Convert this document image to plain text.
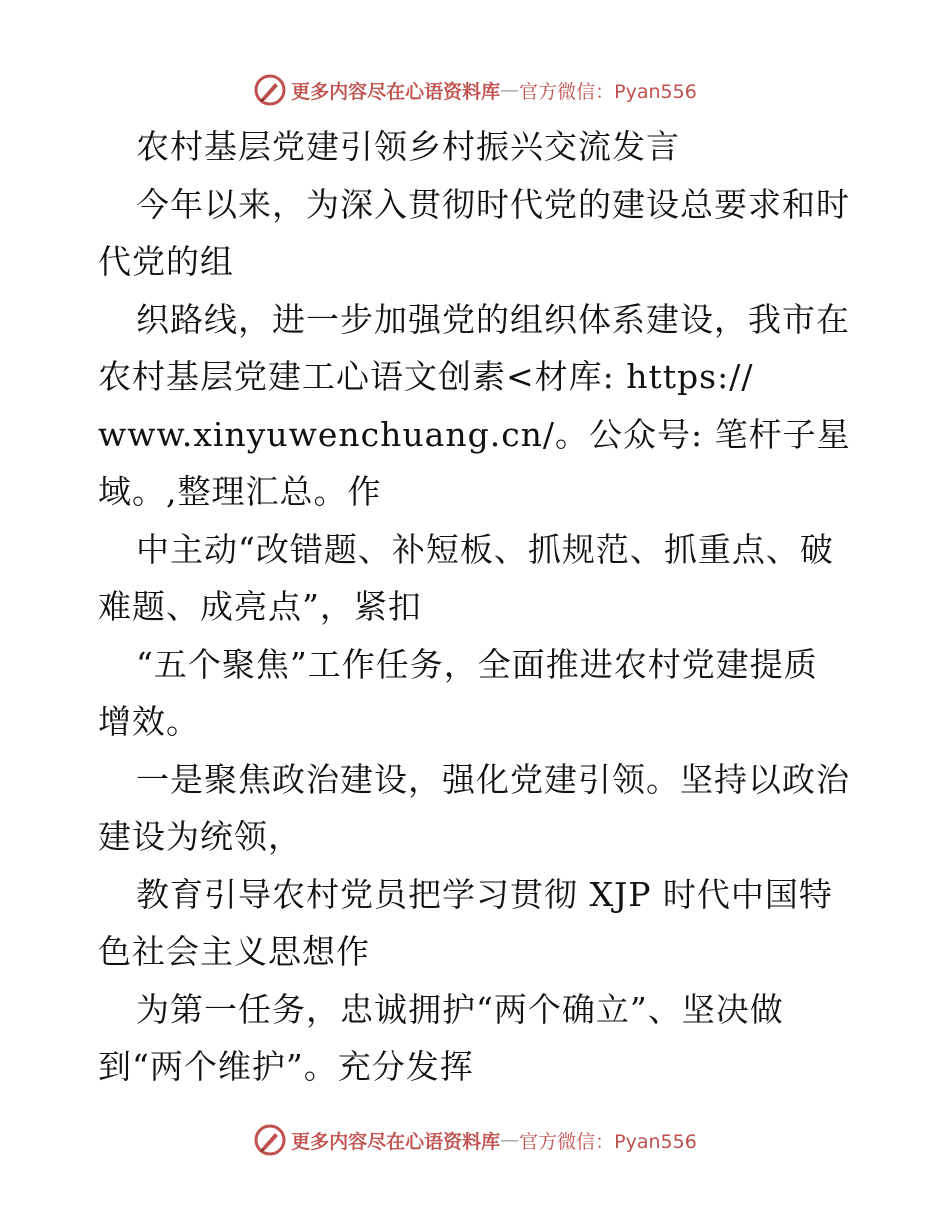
更多内容尽在心语资料库 — 官方微信：Pyan556
农村基层党建引领乡村振兴交流发言
今年以来，为深入贯彻时代党的建设总要求和时
代党的组
织路线，进一步加强党的组织体系建设，我市在
农村基层党建工心语文创素<材库: https://
www.xinyuwenchuang.cn/。公众号: 笔杆子星
域。,整理汇总。作
中主动“改错题、补短板、抓规范、抓重点、破
难题、成亮点”，紧扣
“五个聚焦”工作任务，全面推进农村党建提质
增效。
一是聚焦政治建设，强化党建引领。坚持以政治
建设为统领，
教育引导农村党员把学习贯彻 XJP 时代中国特
色社会主义思想作
为第一任务，忠诚拥护“两个确立”、坚决做
到“两个维护”。充分发挥
更多内容尽在心语资料库 — 官方微信：Pyan556
